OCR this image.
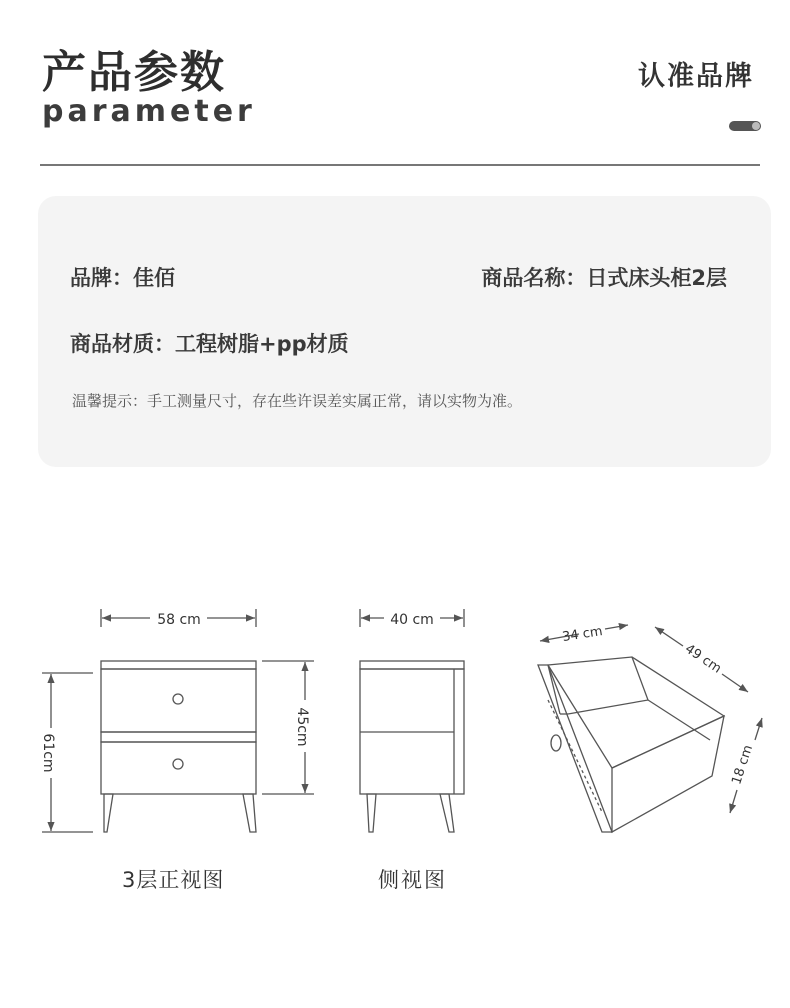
产品参数
parameter
认准品牌
品牌：佳佰	商品名称：日式床头柜2层
商品材质：工程树脂+pp材质
温馨提示：手工测量尺寸，存在些许误差实属正常，请以实物为准。
58 cm
61cm
45cm
40 cm
34 cm
49 cm
18 cm
3层正视图	侧视图
